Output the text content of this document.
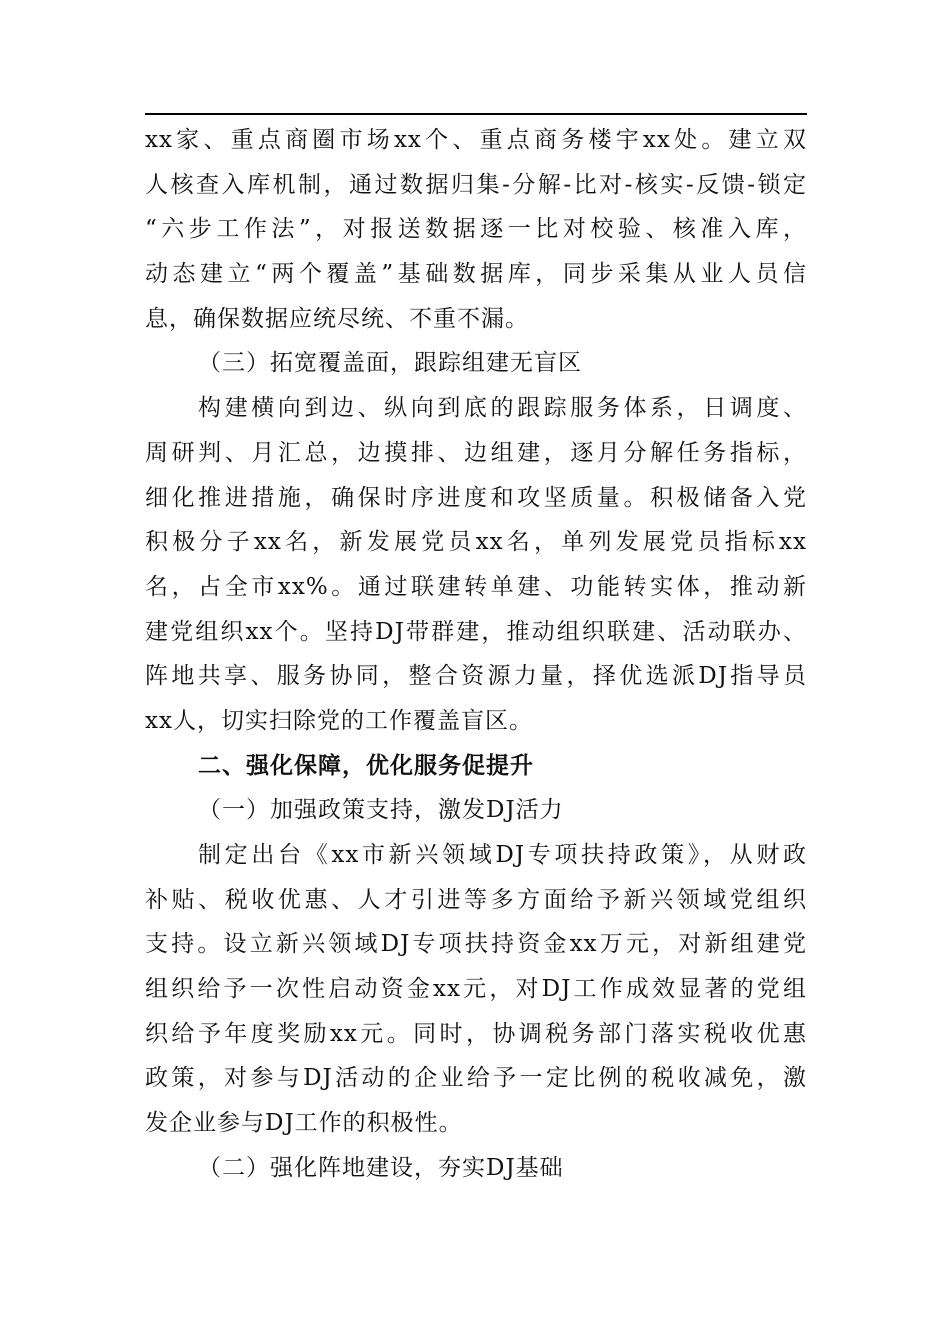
xx家、重点商圈市场xx个、重点商务楼宇xx处。建立双
人核查入库机制，通过数据归集-分解-比对-核实-反馈-锁定
“六步工作法”，对报送数据逐一比对校验、核准入库，
动态建立“两个覆盖”基础数据库，同步采集从业人员信
息，确保数据应统尽统、不重不漏。
（三）拓宽覆盖面，跟踪组建无盲区
构建横向到边、纵向到底的跟踪服务体系，日调度、
周研判、月汇总，边摸排、边组建，逐月分解任务指标，
细化推进措施，确保时序进度和攻坚质量。积极储备入党
积极分子xx名，新发展党员xx名，单列发展党员指标xx
名，占全市xx%。通过联建转单建、功能转实体，推动新
建党组织xx个。坚持DJ带群建，推动组织联建、活动联办、
阵地共享、服务协同，整合资源力量，择优选派DJ指导员
xx人，切实扫除党的工作覆盖盲区。
二、强化保障，优化服务促提升
（一）加强政策支持，激发DJ活力
制定出台《xx市新兴领域DJ专项扶持政策》，从财政
补贴、税收优惠、人才引进等多方面给予新兴领域党组织
支持。设立新兴领域DJ专项扶持资金xx万元，对新组建党
组织给予一次性启动资金xx元，对DJ工作成效显著的党组
织给予年度奖励xx元。同时，协调税务部门落实税收优惠
政策，对参与DJ活动的企业给予一定比例的税收减免，激
发企业参与DJ工作的积极性。
（二）强化阵地建设，夯实DJ基础
